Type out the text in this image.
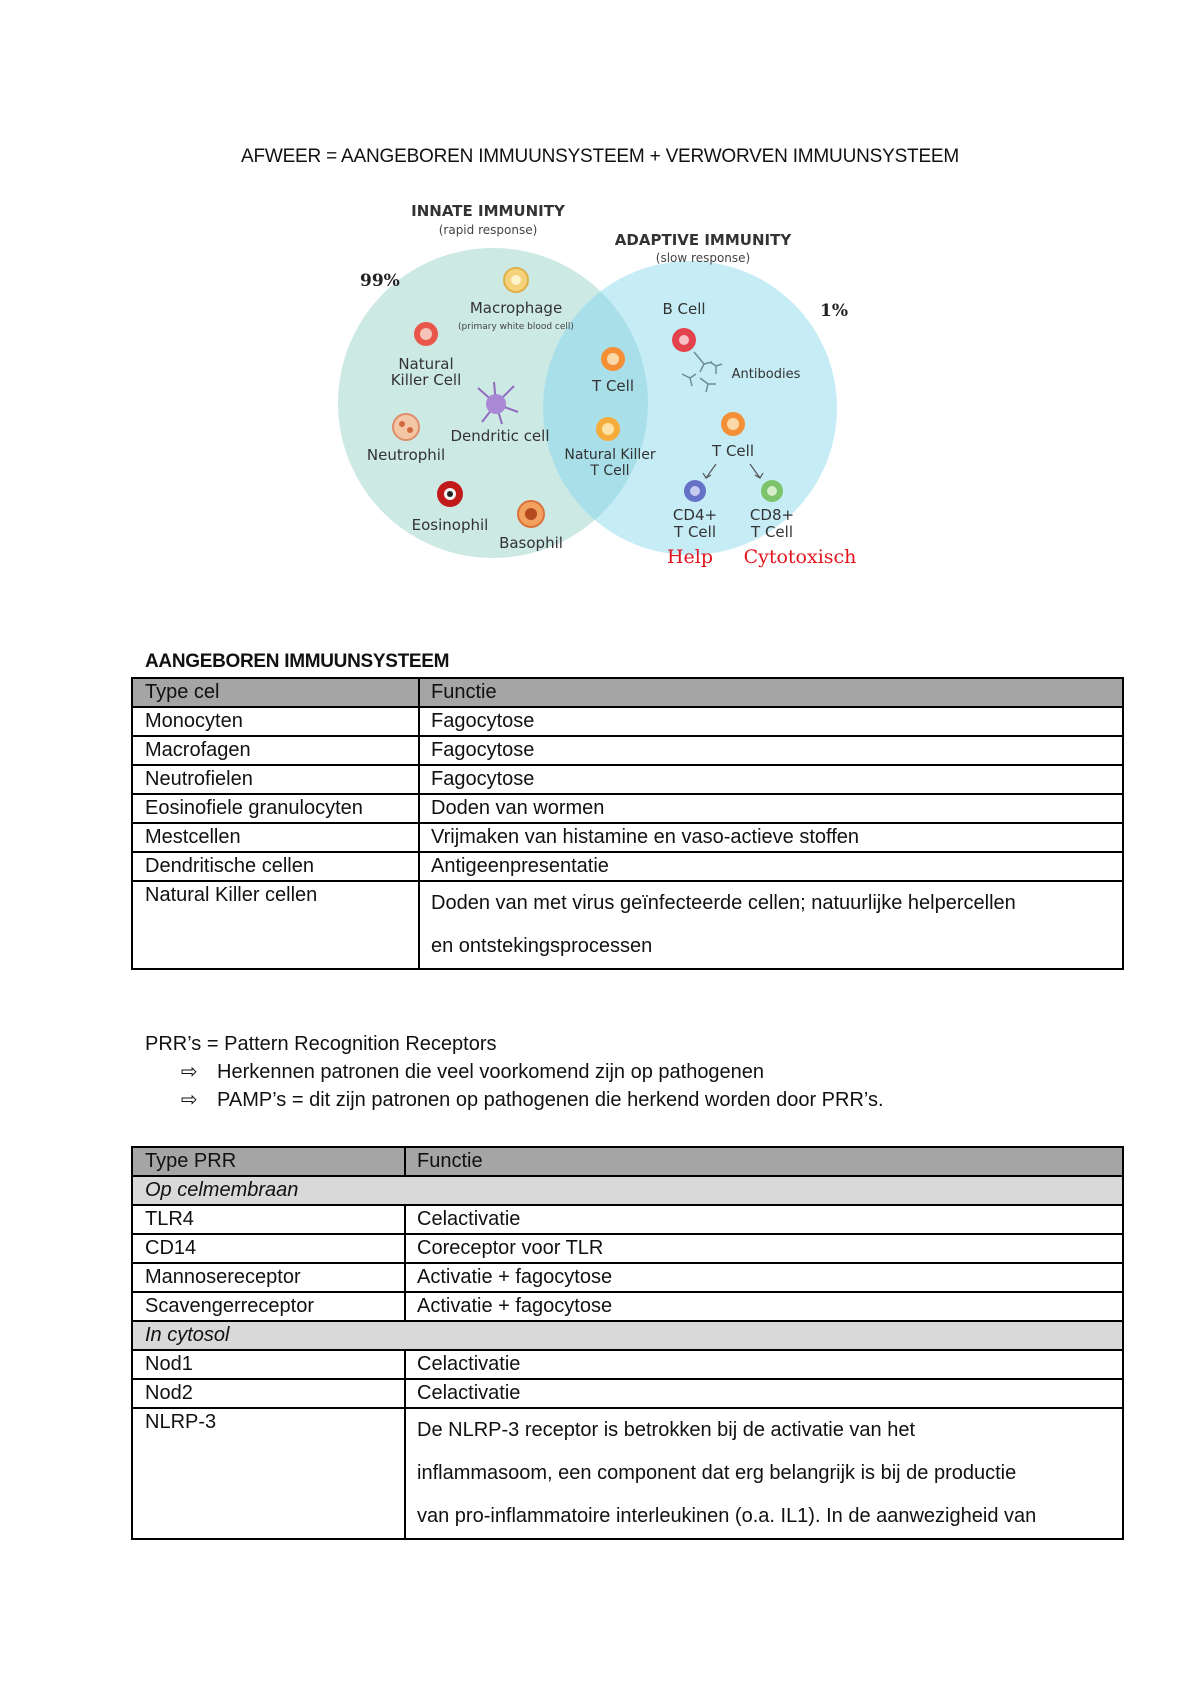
AFWEER = AANGEBOREN IMMUUNSYSTEEM + VERWORVEN IMMUUNSYSTEEM
INNATE IMMUNITY
(rapid response)
ADAPTIVE IMMUNITY
(slow response)
99%
1%
Macrophage
(primary white blood cell)
Natural
Killer Cell
Dendritic cell
Neutrophil
Eosinophil
Basophil
T Cell
Natural Killer
T Cell
B Cell
Antibodies
T Cell
CD4+
T Cell
CD8+
T Cell
Help Cytotoxisch
AANGEBOREN IMMUUNSYSTEEM
Type cel	Functie
Monocyten	Fagocytose
Macrofagen	Fagocytose
Neutrofielen	Fagocytose
Eosinofiele granulocyten	Doden van wormen
Mestcellen	Vrijmaken van histamine en vaso-actieve stoffen
Dendritische cellen	Antigeenpresentatie
Natural Killer cellen	Doden van met virus geïnfecteerde cellen; natuurlijke helpercellen
en ontstekingsprocessen
PRR’s = Pattern Recognition Receptors
⇨ Herkennen patronen die veel voorkomend zijn op pathogenen
⇨ PAMP’s = dit zijn patronen op pathogenen die herkend worden door PRR’s.
Type PRR	Functie
Op celmembraan	
TLR4	Celactivatie
CD14	Coreceptor voor TLR
Mannosereceptor	Activatie + fagocytose
Scavengerreceptor	Activatie + fagocytose
In cytosol	
Nod1	Celactivatie
Nod2	Celactivatie
NLRP-3	De NLRP-3 receptor is betrokken bij de activatie van het
inflammasoom, een component dat erg belangrijk is bij de productie
van pro-inflammatoire interleukinen (o.a. IL1). In de aanwezigheid van
